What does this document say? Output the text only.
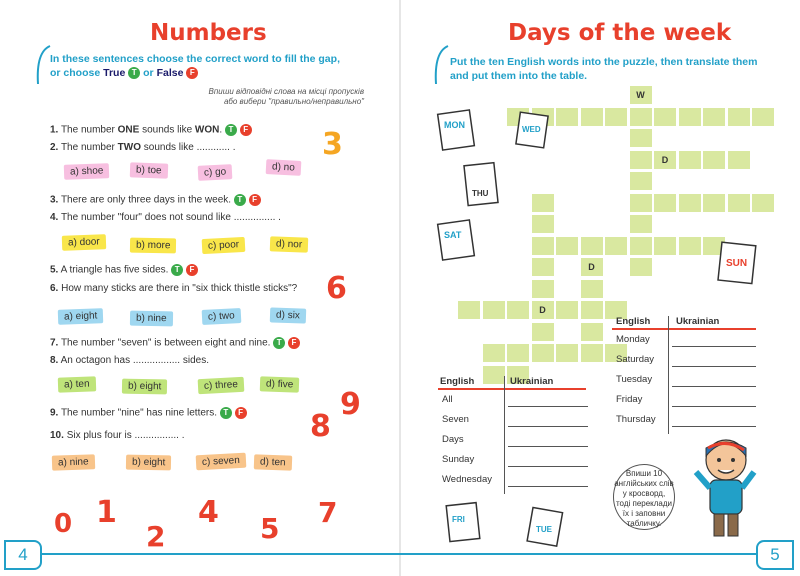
Numbers
In these sentences choose the correct word to fill the gap,
or choose True T or False F
Впиши відповідні слова на місці пропусків
або вибери "правильно/неправильно"
1. The number ONE sounds like WON. T F
2. The number TWO sounds like ............ .
a) shoe	b) toe	c) go	d) no
3. There are only three days in the week. T F
4. The number "four" does not sound like ............... .
a) door	b) more	c) poor	d) nor
5. A triangle has five sides. T F
6. How many sticks are there in "six thick thistle sticks"?
a) eight	b) nine	c) two	d) six
7. The number "seven" is between eight and nine. T F
8. An octagon has ................. sides.
a) ten	b) eight	c) three	d) five
9. The number "nine" has nine letters. T F
10. Six plus four is ................ .
a) nine	b) eight	c) seven	d) ten
3
6
9
8
0 1
2
4 5 7
4
Days of the week
Put the ten English words into the puzzle, then translate them
and put them into the table.
W
D
D
D
MON	WED
THU
SAT
SUN
FRI
TUE
English	Ukrainian
All
Seven
Days
Sunday
Wednesday
English	Ukrainian
Monday
Saturday
Tuesday
Friday
Thursday
Впиши 10
англійських слів
у кросворд,
тоді переклади
їх і заповни
табличку.
5
